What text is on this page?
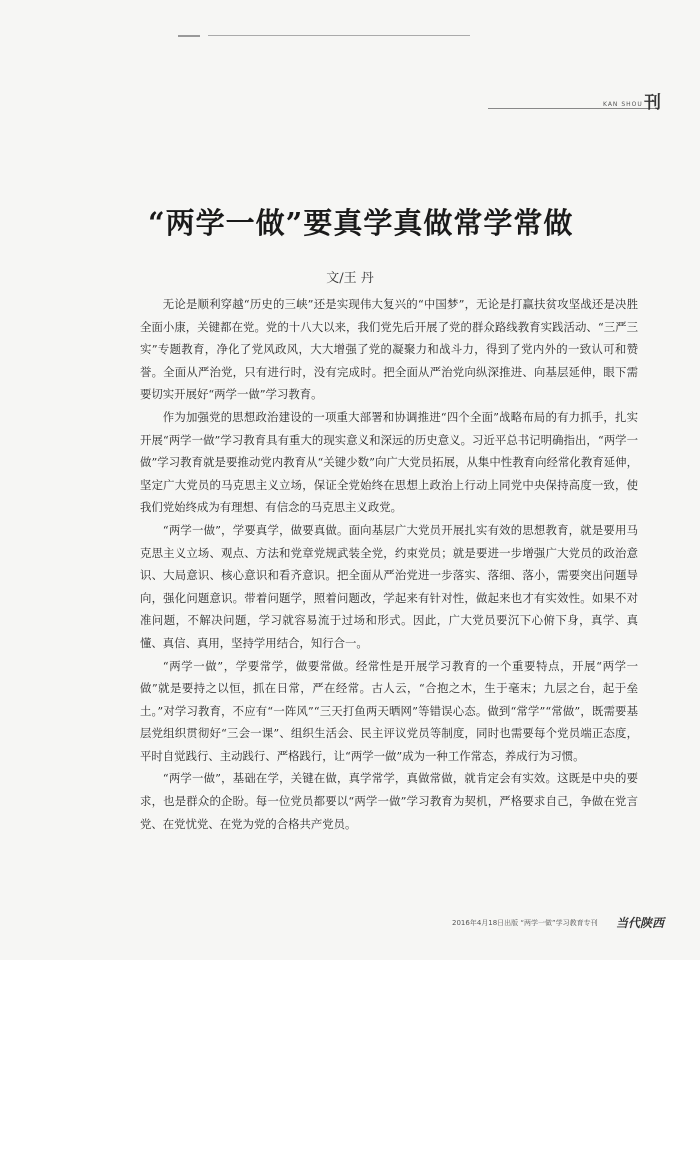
KAN SHOU 刊
“两学一做”要真学真做常学常做
文/王 丹

无论是顺利穿越“历史的三峡”还是实现伟大复兴的“中国梦”，无论是打赢扶贫攻坚战还是决胜全面小康，关键都在党。党的十八大以来，我们党先后开展了党的群众路线教育实践活动、“三严三实”专题教育，净化了党风政风，大大增强了党的凝聚力和战斗力，得到了党内外的一致认可和赞誉。全面从严治党，只有进行时，没有完成时。把全面从严治党向纵深推进、向基层延伸，眼下需要切实开展好“两学一做”学习教育。

作为加强党的思想政治建设的一项重大部署和协调推进“四个全面”战略布局的有力抓手，扎实开展“两学一做”学习教育具有重大的现实意义和深远的历史意义。习近平总书记明确指出，“两学一做”学习教育就是要推动党内教育从“关键少数”向广大党员拓展，从集中性教育向经常化教育延伸，坚定广大党员的马克思主义立场，保证全党始终在思想上政治上行动上同党中央保持高度一致，使我们党始终成为有理想、有信念的马克思主义政党。

“两学一做”，学要真学，做要真做。面向基层广大党员开展扎实有效的思想教育，就是要用马克思主义立场、观点、方法和党章党规武装全党，约束党员；就是要进一步增强广大党员的政治意识、大局意识、核心意识和看齐意识。把全面从严治党进一步落实、落细、落小，需要突出问题导向，强化问题意识。带着问题学，照着问题改，学起来有针对性，做起来也才有实效性。如果不对准问题，不解决问题，学习就容易流于过场和形式。因此，广大党员要沉下心俯下身，真学、真懂、真信、真用，坚持学用结合，知行合一。

“两学一做”，学要常学，做要常做。经常性是开展学习教育的一个重要特点，开展“两学一做”就是要持之以恒，抓在日常，严在经常。古人云，“合抱之木，生于毫末；九层之台，起于垒土。”对学习教育，不应有“一阵风”“三天打鱼两天晒网”等错误心态。做到“常学”“常做”，既需要基层党组织贯彻好“三会一课”、组织生活会、民主评议党员等制度，同时也需要每个党员端正态度，平时自觉践行、主动践行、严格践行，让“两学一做”成为一种工作常态，养成行为习惯。

“两学一做”，基础在学，关键在做，真学常学，真做常做，就肯定会有实效。这既是中央的要求，也是群众的企盼。每一位党员都要以“两学一做”学习教育为契机，严格要求自己，争做在党言党、在党忧党、在党为党的合格共产党员。

2016年4月18日出版 “两学一做”学习教育专刊 当代陕西
